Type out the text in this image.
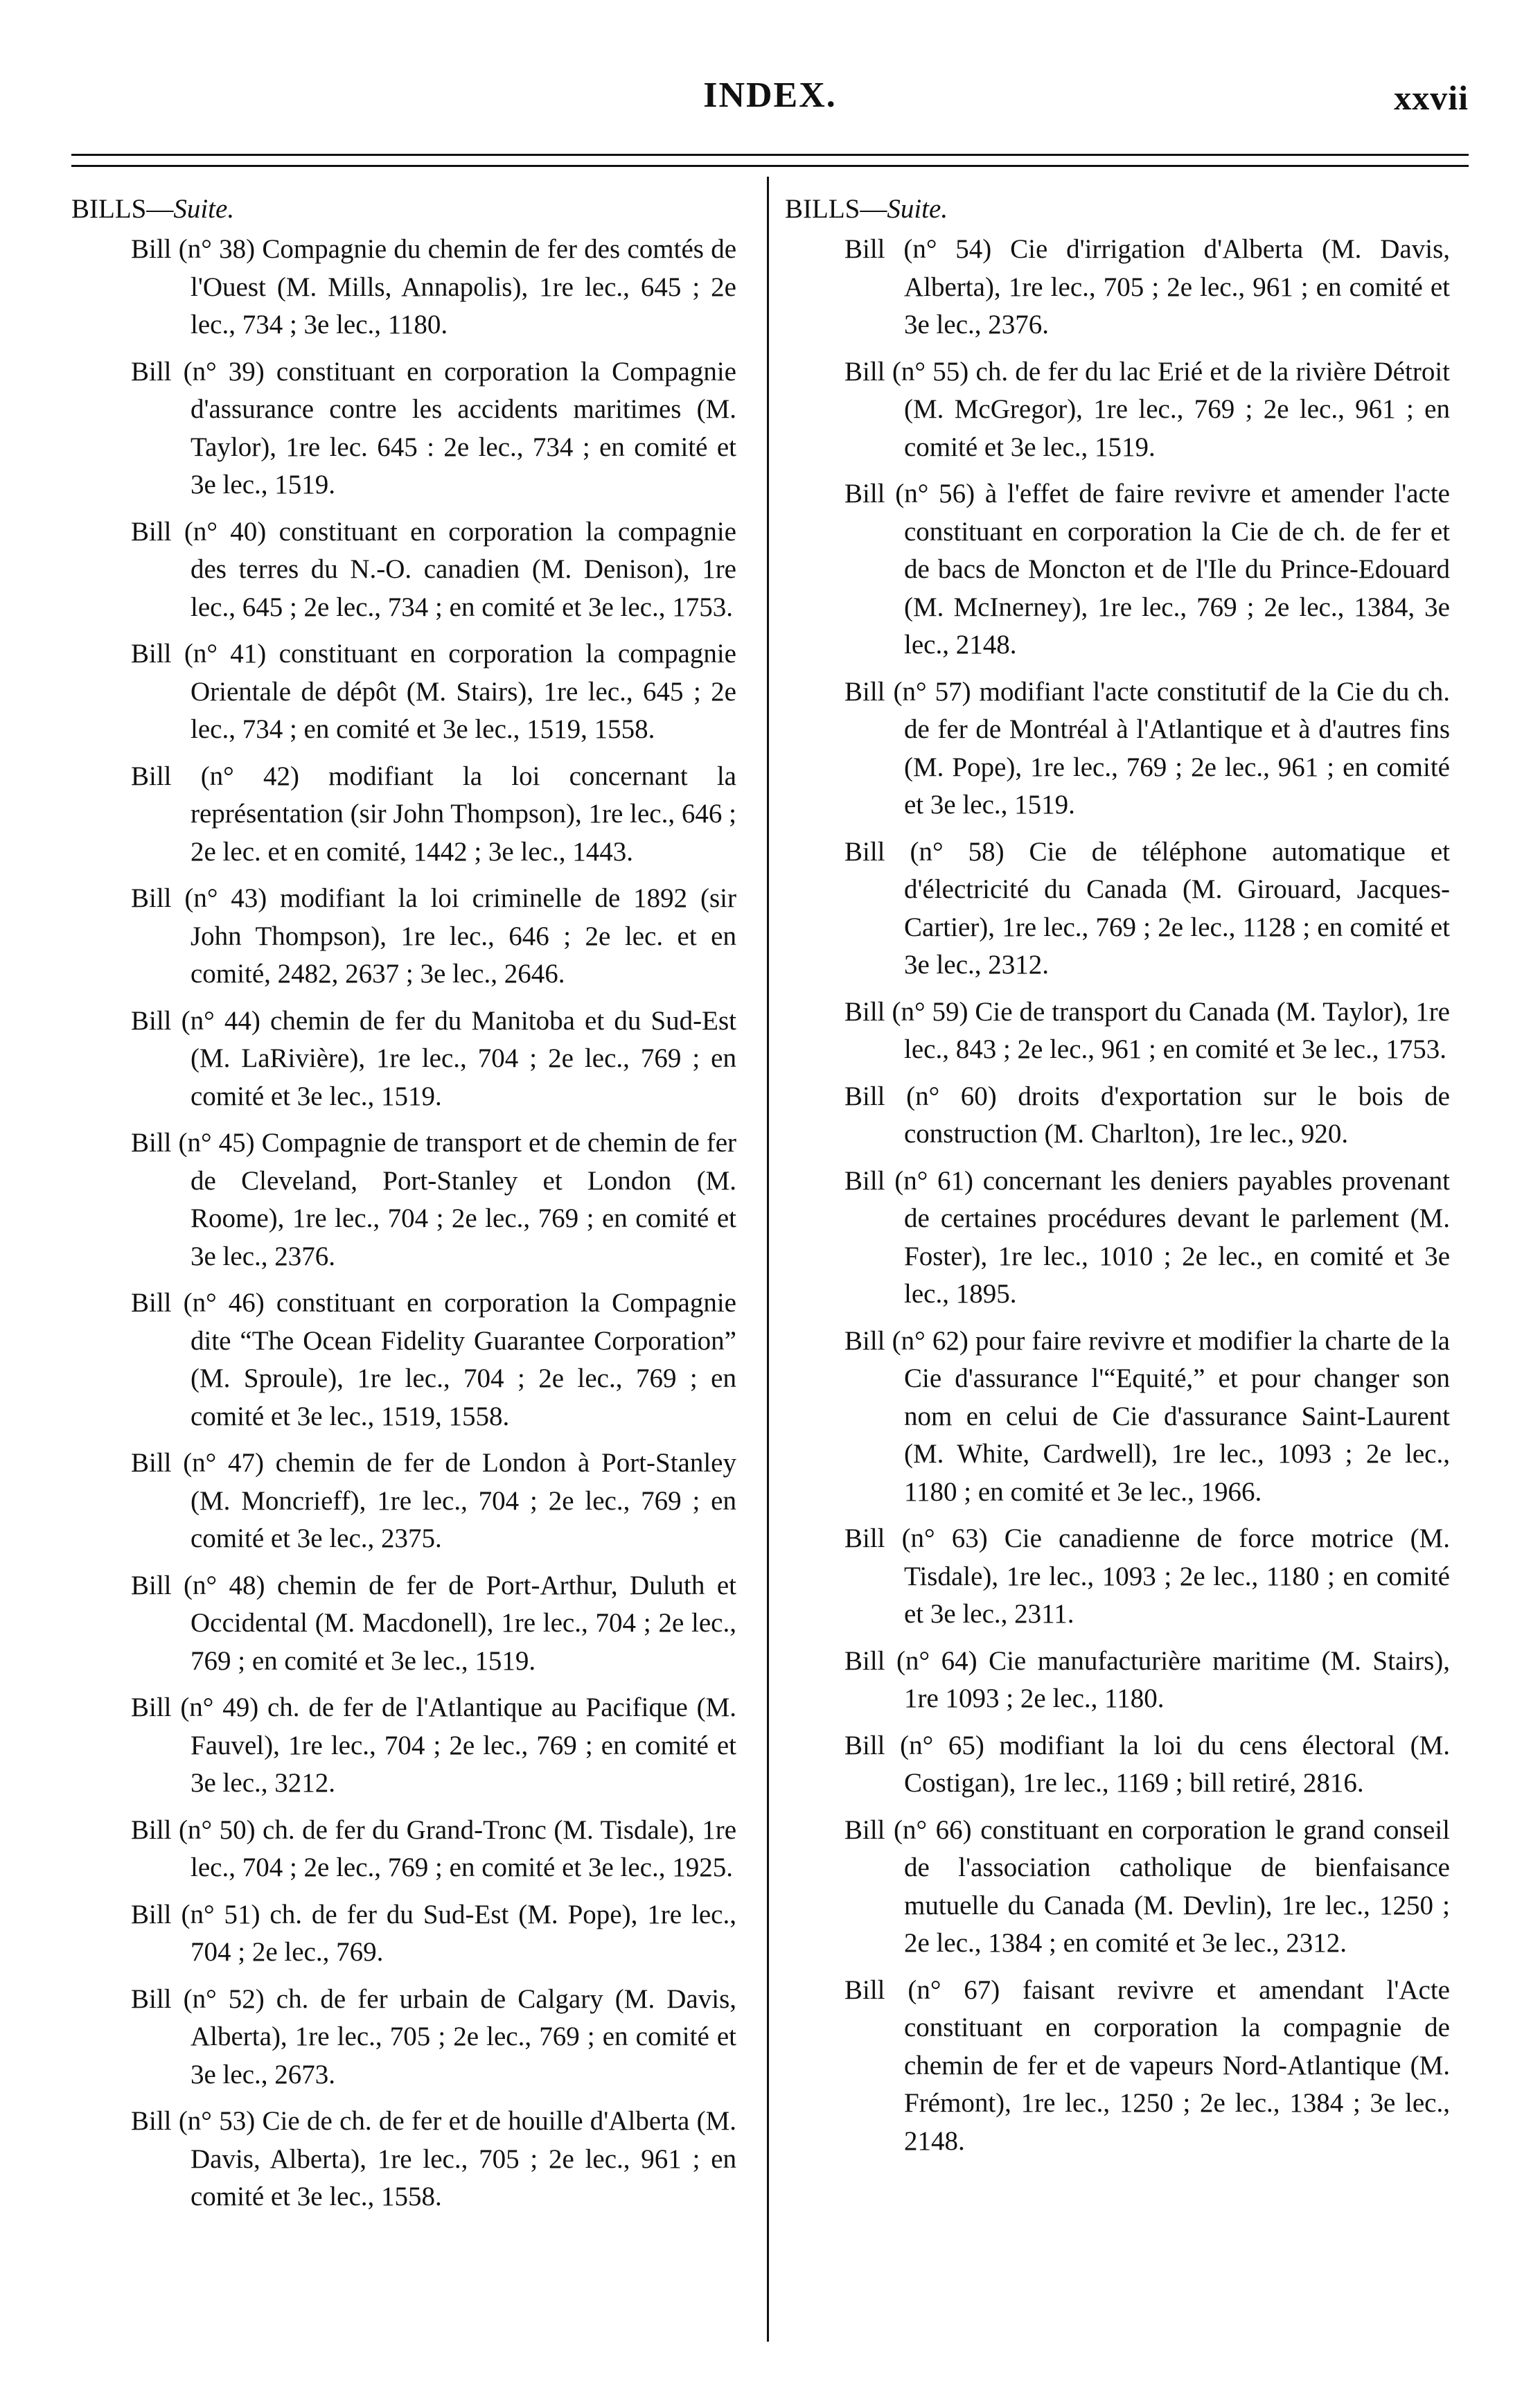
INDEX.	xxvii
BILLS—Suite.
Bill (n° 38) Compagnie du chemin de fer des comtés de l'Ouest (M. Mills, Annapolis), 1re lec., 645 ; 2e lec., 734 ; 3e lec., 1180.
Bill (n° 39) constituant en corporation la Compagnie d'assurance contre les accidents maritimes (M. Taylor), 1re lec. 645 : 2e lec., 734 ; en comité et 3e lec., 1519.
Bill (n° 40) constituant en corporation la compagnie des terres du N.-O. canadien (M. Denison), 1re lec., 645 ; 2e lec., 734 ; en comité et 3e lec., 1753.
Bill (n° 41) constituant en corporation la compagnie Orientale de dépôt (M. Stairs), 1re lec., 645 ; 2e lec., 734 ; en comité et 3e lec., 1519, 1558.
Bill (n° 42) modifiant la loi concernant la représentation (sir John Thompson), 1re lec., 646 ; 2e lec. et en comité, 1442 ; 3e lec., 1443.
Bill (n° 43) modifiant la loi criminelle de 1892 (sir John Thompson), 1re lec., 646 ; 2e lec. et en comité, 2482, 2637 ; 3e lec., 2646.
Bill (n° 44) chemin de fer du Manitoba et du Sud-Est (M. LaRivière), 1re lec., 704 ; 2e lec., 769 ; en comité et 3e lec., 1519.
Bill (n° 45) Compagnie de transport et de chemin de fer de Cleveland, Port-Stanley et London (M. Roome), 1re lec., 704 ; 2e lec., 769 ; en comité et 3e lec., 2376.
Bill (n° 46) constituant en corporation la Compagnie dite “The Ocean Fidelity Guarantee Corporation” (M. Sproule), 1re lec., 704 ; 2e lec., 769 ; en comité et 3e lec., 1519, 1558.
Bill (n° 47) chemin de fer de London à Port-Stanley (M. Moncrieff), 1re lec., 704 ; 2e lec., 769 ; en comité et 3e lec., 2375.
Bill (n° 48) chemin de fer de Port-Arthur, Duluth et Occidental (M. Macdonell), 1re lec., 704 ; 2e lec., 769 ; en comité et 3e lec., 1519.
Bill (n° 49) ch. de fer de l'Atlantique au Pacifique (M. Fauvel), 1re lec., 704 ; 2e lec., 769 ; en comité et 3e lec., 3212.
Bill (n° 50) ch. de fer du Grand-Tronc (M. Tisdale), 1re lec., 704 ; 2e lec., 769 ; en comité et 3e lec., 1925.
Bill (n° 51) ch. de fer du Sud-Est (M. Pope), 1re lec., 704 ; 2e lec., 769.
Bill (n° 52) ch. de fer urbain de Calgary (M. Davis, Alberta), 1re lec., 705 ; 2e lec., 769 ; en comité et 3e lec., 2673.
Bill (n° 53) Cie de ch. de fer et de houille d'Alberta (M. Davis, Alberta), 1re lec., 705 ; 2e lec., 961 ; en comité et 3e lec., 1558.
BILLS—Suite.
Bill (n° 54) Cie d'irrigation d'Alberta (M. Davis, Alberta), 1re lec., 705 ; 2e lec., 961 ; en comité et 3e lec., 2376.
Bill (n° 55) ch. de fer du lac Erié et de la rivière Détroit (M. McGregor), 1re lec., 769 ; 2e lec., 961 ; en comité et 3e lec., 1519.
Bill (n° 56) à l'effet de faire revivre et amender l'acte constituant en corporation la Cie de ch. de fer et de bacs de Moncton et de l'Ile du Prince-Edouard (M. McInerney), 1re lec., 769 ; 2e lec., 1384, 3e lec., 2148.
Bill (n° 57) modifiant l'acte constitutif de la Cie du ch. de fer de Montréal à l'Atlantique et à d'autres fins (M. Pope), 1re lec., 769 ; 2e lec., 961 ; en comité et 3e lec., 1519.
Bill (n° 58) Cie de téléphone automatique et d'électricité du Canada (M. Girouard, Jacques-Cartier), 1re lec., 769 ; 2e lec., 1128 ; en comité et 3e lec., 2312.
Bill (n° 59) Cie de transport du Canada (M. Taylor), 1re lec., 843 ; 2e lec., 961 ; en comité et 3e lec., 1753.
Bill (n° 60) droits d'exportation sur le bois de construction (M. Charlton), 1re lec., 920.
Bill (n° 61) concernant les deniers payables provenant de certaines procédures devant le parlement (M. Foster), 1re lec., 1010 ; 2e lec., en comité et 3e lec., 1895.
Bill (n° 62) pour faire revivre et modifier la charte de la Cie d'assurance l'“Equité,” et pour changer son nom en celui de Cie d'assurance Saint-Laurent (M. White, Cardwell), 1re lec., 1093 ; 2e lec., 1180 ; en comité et 3e lec., 1966.
Bill (n° 63) Cie canadienne de force motrice (M. Tisdale), 1re lec., 1093 ; 2e lec., 1180 ; en comité et 3e lec., 2311.
Bill (n° 64) Cie manufacturière maritime (M. Stairs), 1re 1093 ; 2e lec., 1180.
Bill (n° 65) modifiant la loi du cens électoral (M. Costigan), 1re lec., 1169 ; bill retiré, 2816.
Bill (n° 66) constituant en corporation le grand conseil de l'association catholique de bienfaisance mutuelle du Canada (M. Devlin), 1re lec., 1250 ; 2e lec., 1384 ; en comité et 3e lec., 2312.
Bill (n° 67) faisant revivre et amendant l'Acte constituant en corporation la compagnie de chemin de fer et de vapeurs Nord-Atlantique (M. Frémont), 1re lec., 1250 ; 2e lec., 1384 ; 3e lec., 2148.
